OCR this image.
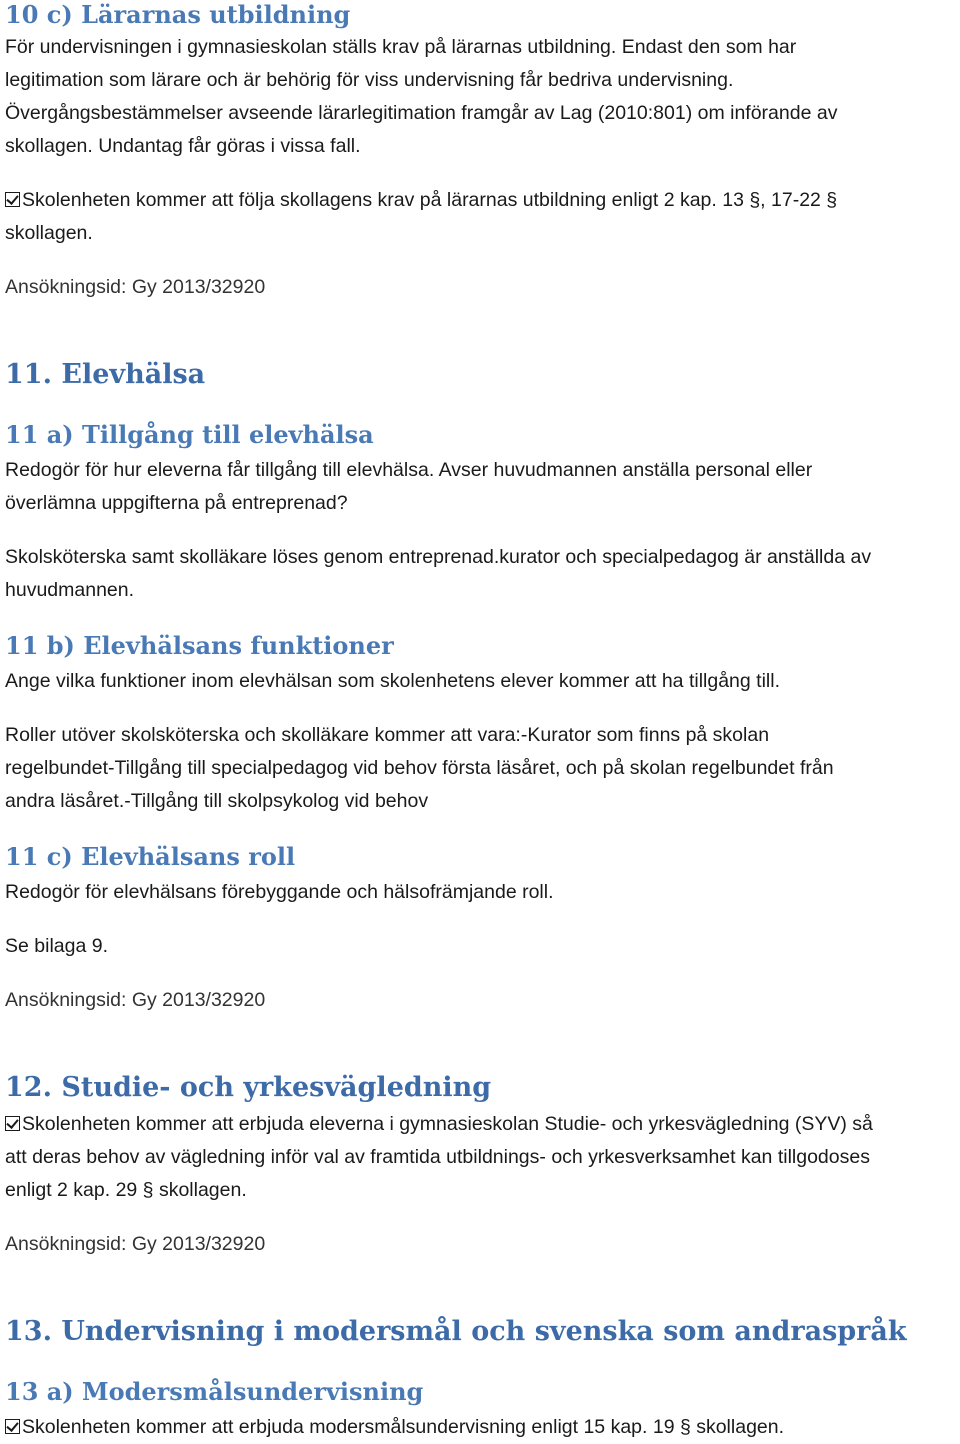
10 c) Lärarnas utbildning

För undervisningen i gymnasieskolan ställs krav på lärarnas utbildning. Endast den som har

legitimation som lärare och är behörig för viss undervisning får bedriva undervisning.

Övergångsbestämmelser avseende lärarlegitimation framgår av Lag (2010:801) om införande av

skollagen. Undantag får göras i vissa fall.

Skolenheten kommer att följa skollagens krav på lärarnas utbildning enligt 2 kap. 13 §, 17-22 §

skollagen.

Ansökningsid: Gy 2013/32920

11. Elevhälsa
11 a) Tillgång till elevhälsa

Redogör för hur eleverna får tillgång till elevhälsa. Avser huvudmannen anställa personal eller

överlämna uppgifterna på entreprenad?

Skolsköterska samt skolläkare löses genom entreprenad.kurator och specialpedagog är anställda av

huvudmannen.

11 b) Elevhälsans funktioner

Ange vilka funktioner inom elevhälsan som skolenhetens elever kommer att ha tillgång till.

Roller utöver skolsköterska och skolläkare kommer att vara:-Kurator som finns på skolan

regelbundet-Tillgång till specialpedagog vid behov första läsåret, och på skolan regelbundet från

andra läsåret.-Tillgång till skolpsykolog vid behov

11 c) Elevhälsans roll

Redogör för elevhälsans förebyggande och hälsofrämjande roll.

Se bilaga 9.

Ansökningsid: Gy 2013/32920

12. Studie- och yrkesvägledning

Skolenheten kommer att erbjuda eleverna i gymnasieskolan Studie- och yrkesvägledning (SYV) så

att deras behov av vägledning inför val av framtida utbildnings- och yrkesverksamhet kan tillgodoses

enligt 2 kap. 29 § skollagen.

Ansökningsid: Gy 2013/32920

13. Undervisning i modersmål och svenska som andraspråk
13 a) Modersmålsundervisning

Skolenheten kommer att erbjuda modersmålsundervisning enligt 15 kap. 19 § skollagen.
